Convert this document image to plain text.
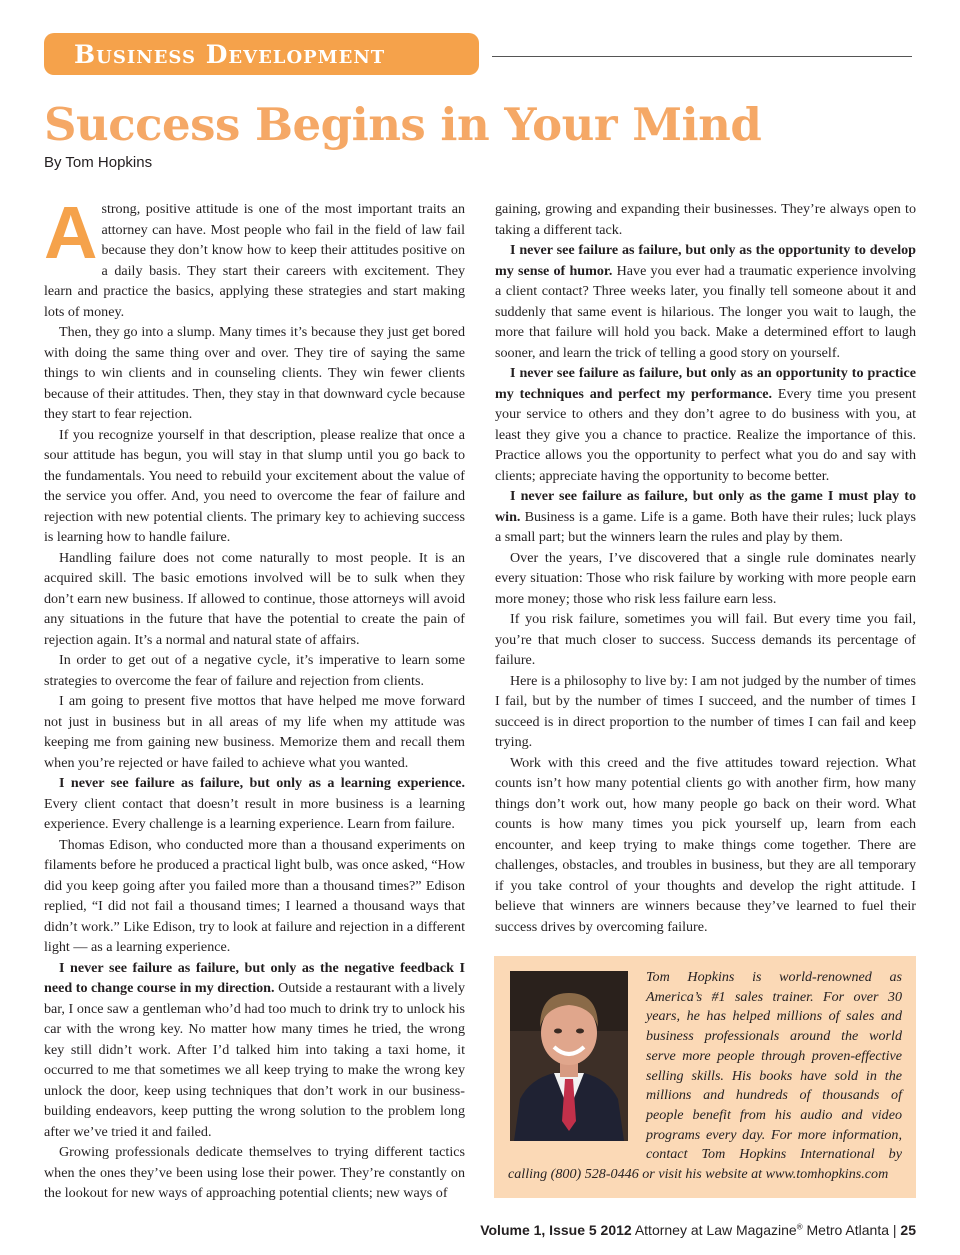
Business Development
Success Begins in Your Mind
By Tom Hopkins

A strong, positive attitude is one of the most important traits an attorney can have. Most people who fail in the field of law fail because they don’t know how to keep their attitudes positive on a daily basis. They start their careers with excitement. They learn and practice the basics, applying these strategies and start making lots of money.

Then, they go into a slump. Many times it’s because they just get bored with doing the same thing over and over. They tire of saying the same things to win clients and in counseling clients. They win fewer clients because of their attitudes. Then, they stay in that downward cycle because they start to fear rejection.

If you recognize yourself in that description, please realize that once a sour attitude has begun, you will stay in that slump until you go back to the fundamentals. You need to rebuild your excitement about the value of the service you offer. And, you need to overcome the fear of failure and rejection with new potential clients. The primary key to achieving success is learning how to handle failure.

Handling failure does not come naturally to most people. It is an acquired skill. The basic emotions involved will be to sulk when they don’t earn new business. If allowed to continue, those attorneys will avoid any situations in the future that have the potential to create the pain of rejection again. It’s a normal and natural state of affairs.

In order to get out of a negative cycle, it’s imperative to learn some strategies to overcome the fear of failure and rejection from clients.

I am going to present five mottos that have helped me move forward not just in business but in all areas of my life when my attitude was keeping me from gaining new business. Memorize them and recall them when you’re rejected or have failed to achieve what you wanted.

I never see failure as failure, but only as a learning experience. Every client contact that doesn’t result in more business is a learning experience. Every challenge is a learning experience. Learn from failure.

Thomas Edison, who conducted more than a thousand experiments on filaments before he produced a practical light bulb, was once asked, “How did you keep going after you failed more than a thousand times?” Edison replied, “I did not fail a thousand times; I learned a thousand ways that didn’t work.” Like Edison, try to look at failure and rejection in a different light — as a learning experience.

I never see failure as failure, but only as the negative feedback I need to change course in my direction. Outside a restaurant with a lively bar, I once saw a gentleman who’d had too much to drink try to unlock his car with the wrong key. No matter how many times he tried, the wrong key still didn’t work. After I’d talked him into taking a taxi home, it occurred to me that sometimes we all keep trying to make the wrong key unlock the door, keep using techniques that don’t work in our business-building endeavors, keep putting the wrong solution to the problem long after we’ve tried it and failed.

Growing professionals dedicate themselves to trying different tactics when the ones they’ve been using lose their power. They’re constantly on the lookout for new ways of approaching potential clients; new ways of

gaining, growing and expanding their businesses. They’re always open to taking a different tack.

I never see failure as failure, but only as the opportunity to develop my sense of humor. Have you ever had a traumatic experience involving a client contact? Three weeks later, you finally tell someone about it and suddenly that same event is hilarious. The longer you wait to laugh, the more that failure will hold you back. Make a determined effort to laugh sooner, and learn the trick of telling a good story on yourself.

I never see failure as failure, but only as an opportunity to practice my techniques and perfect my performance. Every time you present your service to others and they don’t agree to do business with you, at least they give you a chance to practice. Realize the importance of this. Practice allows you the opportunity to perfect what you do and say with clients; appreciate having the opportunity to become better.

I never see failure as failure, but only as the game I must play to win. Business is a game. Life is a game. Both have their rules; luck plays a small part; but the winners learn the rules and play by them.

Over the years, I’ve discovered that a single rule dominates nearly every situation: Those who risk failure by working with more people earn more money; those who risk less failure earn less.

If you risk failure, sometimes you will fail. But every time you fail, you’re that much closer to success. Success demands its percentage of failure.

Here is a philosophy to live by: I am not judged by the number of times I fail, but by the number of times I succeed, and the number of times I succeed is in direct proportion to the number of times I can fail and keep trying.

Work with this creed and the five attitudes toward rejection. What counts isn’t how many potential clients go with another firm, how many things don’t work out, how many people go back on their word. What counts is how many times you pick yourself up, learn from each encounter, and keep trying to make things come together. There are challenges, obstacles, and troubles in business, but they are all temporary if you take control of your thoughts and develop the right attitude. I believe that winners are winners because they’ve learned to fuel their success drives by overcoming failure.

Tom Hopkins is world-renowned as America’s #1 sales trainer. For over 30 years, he has helped millions of sales and business professionals around the world serve more people through proven-effective selling skills. His books have sold in the millions and hundreds of thousands of people benefit from his audio and video programs every day. For more information, contact Tom Hopkins International by calling (800) 528-0446 or visit his website at www.tomhopkins.com

Volume 1, Issue 5 2012 Attorney at Law Magazine® Metro Atlanta | 25
